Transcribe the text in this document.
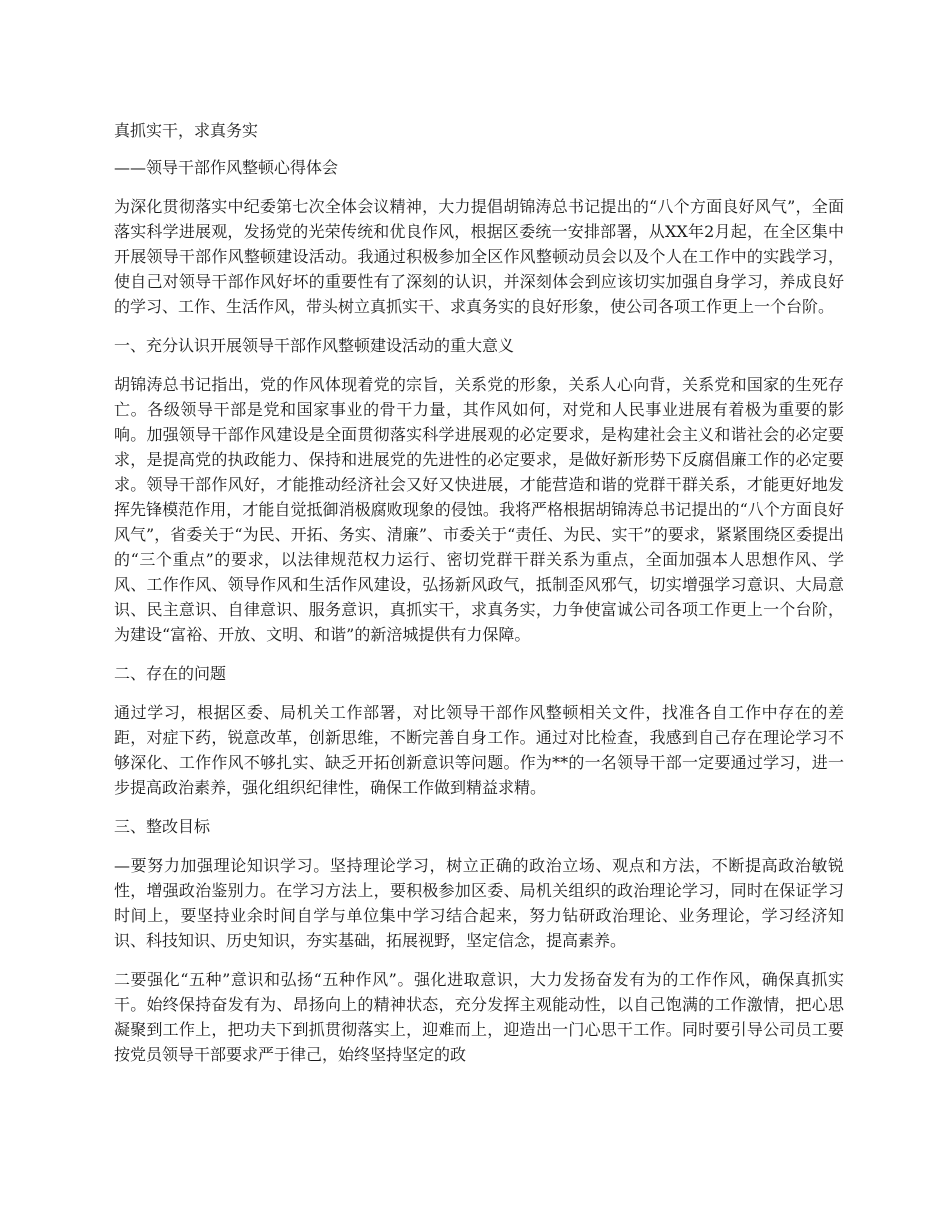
真抓实干，求真务实
——领导干部作风整顿心得体会
为深化贯彻落实中纪委第七次全体会议精神，大力提倡胡锦涛总书记提出的“八个方面良好风气”，全面落实科学进展观，发扬党的光荣传统和优良作风，根据区委统一安排部署，从XX年2月起，在全区集中开展领导干部作风整顿建设活动。我通过积极参加全区作风整顿动员会以及个人在工作中的实践学习，使自己对领导干部作风好坏的重要性有了深刻的认识，并深刻体会到应该切实加强自身学习，养成良好的学习、工作、生活作风，带头树立真抓实干、求真务实的良好形象，使公司各项工作更上一个台阶。
一、充分认识开展领导干部作风整顿建设活动的重大意义
胡锦涛总书记指出，党的作风体现着党的宗旨，关系党的形象，关系人心向背，关系党和国家的生死存亡。各级领导干部是党和国家事业的骨干力量，其作风如何，对党和人民事业进展有着极为重要的影响。加强领导干部作风建设是全面贯彻落实科学进展观的必定要求，是构建社会主义和谐社会的必定要求，是提高党的执政能力、保持和进展党的先进性的必定要求，是做好新形势下反腐倡廉工作的必定要求。领导干部作风好，才能推动经济社会又好又快进展，才能营造和谐的党群干群关系，才能更好地发挥先锋模范作用，才能自觉抵御消极腐败现象的侵蚀。我将严格根据胡锦涛总书记提出的“八个方面良好风气”，省委关于“为民、开拓、务实、清廉”、市委关于“责任、为民、实干”的要求，紧紧围绕区委提出的“三个重点”的要求，以法律规范权力运行、密切党群干群关系为重点，全面加强本人思想作风、学风、工作作风、领导作风和生活作风建设，弘扬新风政气，抵制歪风邪气，切实增强学习意识、大局意识、民主意识、自律意识、服务意识，真抓实干，求真务实，力争使富诚公司各项工作更上一个台阶，为建设“富裕、开放、文明、和谐”的新涪城提供有力保障。
二、存在的问题
通过学习，根据区委、局机关工作部署，对比领导干部作风整顿相关文件，找准各自工作中存在的差距，对症下药，锐意改革，创新思维，不断完善自身工作。通过对比检查，我感到自己存在理论学习不够深化、工作作风不够扎实、缺乏开拓创新意识等问题。作为**的一名领导干部一定要通过学习，进一步提高政治素养，强化组织纪律性，确保工作做到精益求精。
三、整改目标
—要努力加强理论知识学习。坚持理论学习，树立正确的政治立场、观点和方法，不断提高政治敏锐性，增强政治鉴别力。在学习方法上，要积极参加区委、局机关组织的政治理论学习，同时在保证学习时间上，要坚持业余时间自学与单位集中学习结合起来，努力钻研政治理论、业务理论，学习经济知识、科技知识、历史知识，夯实基础，拓展视野，坚定信念，提高素养。
二要强化“五种”意识和弘扬“五种作风”。强化进取意识，大力发扬奋发有为的工作作风，确保真抓实干。始终保持奋发有为、昂扬向上的精神状态，充分发挥主观能动性，以自己饱满的工作激情，把心思凝聚到工作上，把功夫下到抓贯彻落实上，迎难而上，迎造出一门心思干工作。同时要引导公司员工要按党员领导干部要求严于律己，始终坚持坚定的政
